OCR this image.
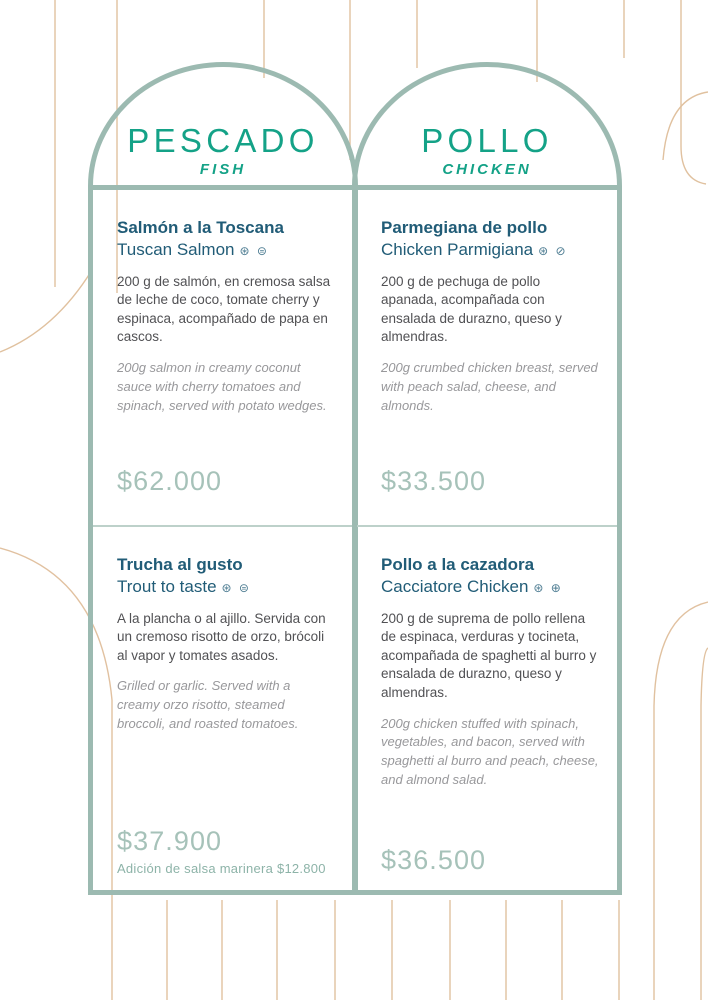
PESCADO
FISH
Salmón a la Toscana
Tuscan Salmon ⊛ ⊜
200 g de salmón, en cremosa salsa de leche de coco, tomate cherry y espinaca, acompañado de papa en cascos.
200g salmon in creamy coconut sauce with cherry tomatoes and spinach, served with potato wedges.
$62.000
Trucha al gusto
Trout to taste ⊛ ⊜
A la plancha o al ajillo. Servida con un cremoso risotto de orzo, brócoli al vapor y tomates asados.
Grilled or garlic. Served with a creamy orzo risotto, steamed broccoli, and roasted tomatoes.
$37.900
Adición de salsa marinera $12.800
POLLO
CHICKEN
Parmegiana de pollo
Chicken Parmigiana ⊛ ⊘
200 g de pechuga de pollo apanada, acompañada con ensalada de durazno, queso y almendras.
200g crumbed chicken breast, served with peach salad, cheese, and almonds.
$33.500
Pollo a la cazadora
Cacciatore Chicken ⊛ ⊕
200 g de suprema de pollo rellena de espinaca, verduras y tocineta, acompañada de spaghetti al burro y ensalada de durazno, queso y almendras.
200g chicken stuffed with spinach, vegetables, and bacon, served with spaghetti al burro and peach, cheese, and almond salad.
$36.500
